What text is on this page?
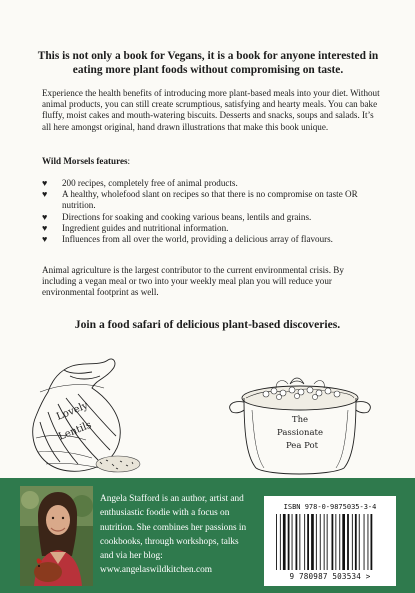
This is not only a book for Vegans, it is a book for anyone interested in eating more plant foods without compromising on taste.

Experience the health benefits of introducing more plant-based meals into your diet. Without animal products, you can still create scrumptious, satisfying and hearty meals. You can bake fluffy, moist cakes and mouth-watering biscuits. Desserts and snacks, soups and salads. It’s all here amongst original, hand drawn illustrations that make this book unique.

Wild Morsels features:

♥ 200 recipes, completely free of animal products.
♥ A healthy, wholefood slant on recipes so that there is no compromise on taste OR nutrition.
♥ Directions for soaking and cooking various beans, lentils and grains.
♥ Ingredient guides and nutritional information.
♥ Influences from all over the world, providing a delicious array of flavours.

Animal agriculture is the largest contributor to the current environmental crisis. By including a vegan meal or two into your weekly meal plan you will reduce your environmental footprint as well.

Join a food safari of delicious plant-based discoveries.

Lovely
Lentils	The
Passionate
Pea Pot

Angela Stafford is an author, artist and enthusiastic foodie with a focus on nutrition. She combines her passions in cookbooks, through workshops, talks and via her blog: www.angelaswildkitchen.com

ISBN 978-0-9875035-3-4
9 780987 503534 >
